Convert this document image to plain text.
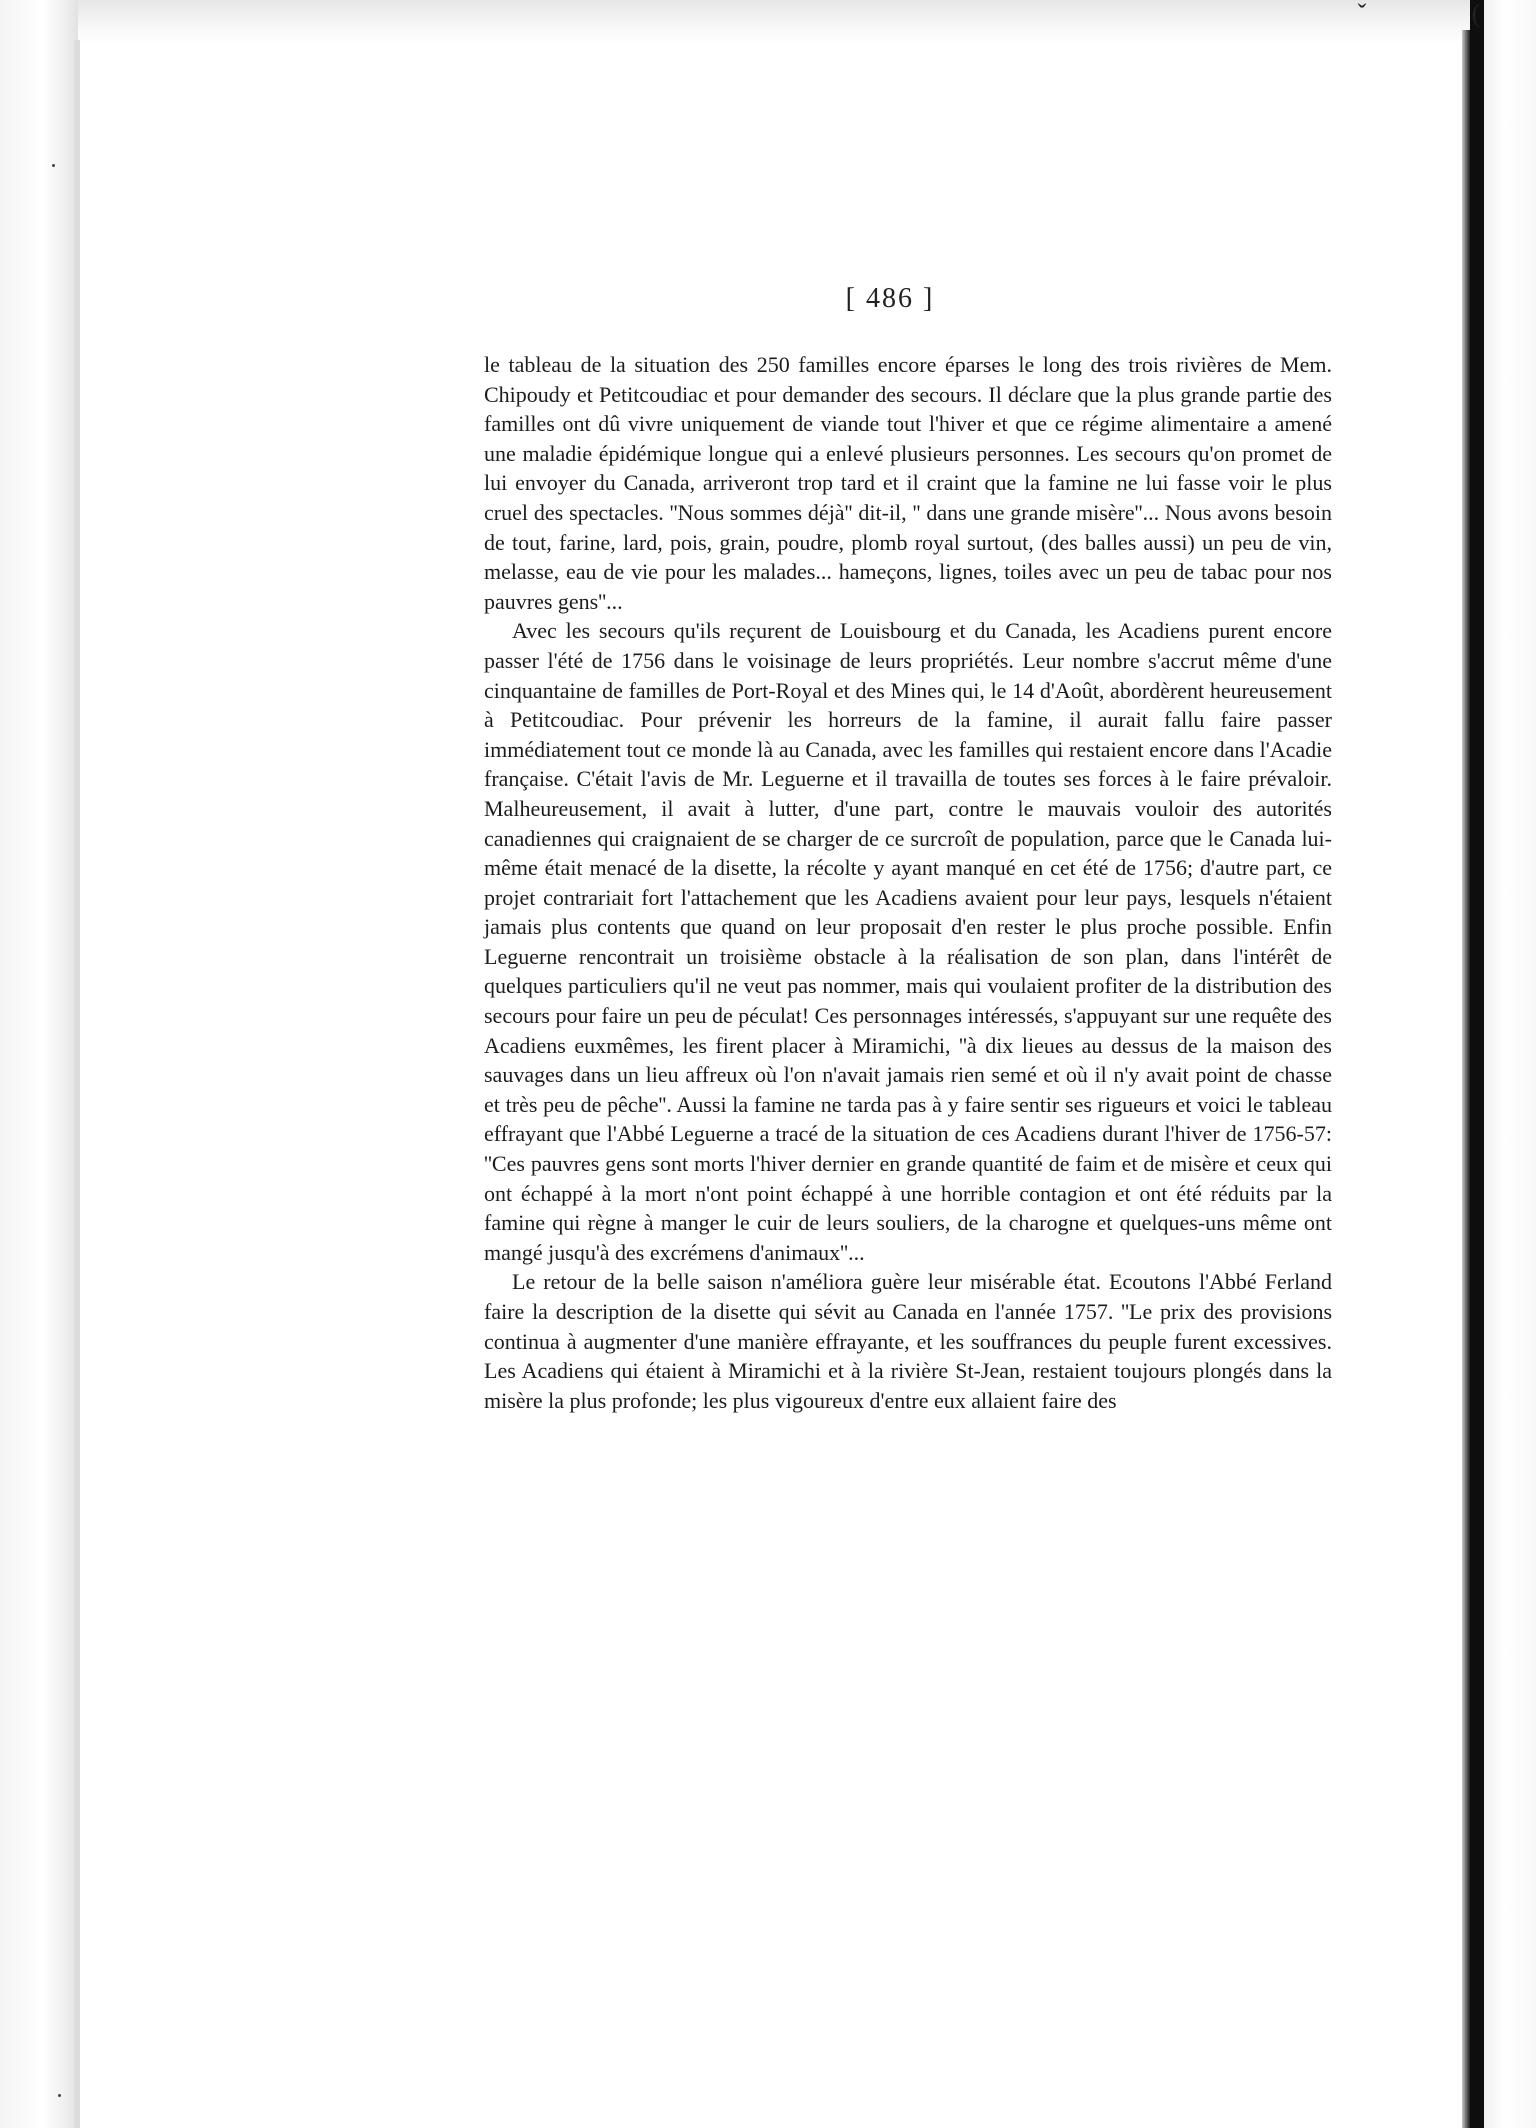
ˇ	(
[ 486 ]

le tableau de la situation des 250 familles encore éparses le long des trois rivières de Mem. Chipoudy et Petitcoudiac et pour demander des secours. Il déclare que la plus grande partie des familles ont dû vivre uniquement de viande tout l'hiver et que ce régime alimentaire a amené une maladie épidémique longue qui a enlevé plusieurs personnes. Les secours qu'on promet de lui envoyer du Canada, arriveront trop tard et il craint que la famine ne lui fasse voir le plus cruel des spectacles. ''Nous sommes déjà'' dit-il, '' dans une grande misère''... Nous avons besoin de tout, farine, lard, pois, grain, poudre, plomb royal surtout, (des balles aussi) un peu de vin, melasse, eau de vie pour les malades... hameçons, lignes, toiles avec un peu de tabac pour nos pauvres gens''...

Avec les secours qu'ils reçurent de Louisbourg et du Canada, les Acadiens purent encore passer l'été de 1756 dans le voisinage de leurs propriétés. Leur nombre s'accrut même d'une cinquantaine de familles de Port-Royal et des Mines qui, le 14 d'Août, abordèrent heureusement à Petitcoudiac. Pour prévenir les horreurs de la famine, il aurait fallu faire passer immédiatement tout ce monde là au Canada, avec les familles qui restaient encore dans l'Acadie française. C'était l'avis de Mr. Leguerne et il travailla de toutes ses forces à le faire prévaloir. Malheureusement, il avait à lutter, d'une part, contre le mauvais vouloir des autorités canadiennes qui craignaient de se charger de ce surcroît de population, parce que le Canada lui-même était menacé de la disette, la récolte y ayant manqué en cet été de 1756; d'autre part, ce projet contrariait fort l'attachement que les Acadiens avaient pour leur pays, lesquels n'étaient jamais plus contents que quand on leur proposait d'en rester le plus proche possible. Enfin Leguerne rencontrait un troisième obstacle à la réalisation de son plan, dans l'intérêt de quelques particuliers qu'il ne veut pas nommer, mais qui voulaient profiter de la distribution des secours pour faire un peu de péculat! Ces personnages intéressés, s'appuyant sur une requête des Acadiens euxmêmes, les firent placer à Miramichi, ''à dix lieues au dessus de la maison des sauvages dans un lieu affreux où l'on n'avait jamais rien semé et où il n'y avait point de chasse et très peu de pêche''. Aussi la famine ne tarda pas à y faire sentir ses rigueurs et voici le tableau effrayant que l'Abbé Leguerne a tracé de la situation de ces Acadiens durant l'hiver de 1756-57: ''Ces pauvres gens sont morts l'hiver dernier en grande quantité de faim et de misère et ceux qui ont échappé à la mort n'ont point échappé à une horrible contagion et ont été réduits par la famine qui règne à manger le cuir de leurs souliers, de la charogne et quelques-uns même ont mangé jusqu'à des excrémens d'animaux''...

Le retour de la belle saison n'améliora guère leur misérable état. Ecoutons l'Abbé Ferland faire la description de la disette qui sévit au Canada en l'année 1757. ''Le prix des provisions continua à augmenter d'une manière effrayante, et les souffrances du peuple furent excessives. Les Acadiens qui étaient à Miramichi et à la rivière St-Jean, restaient toujours plongés dans la misère la plus profonde; les plus vigoureux d'entre eux allaient faire des
